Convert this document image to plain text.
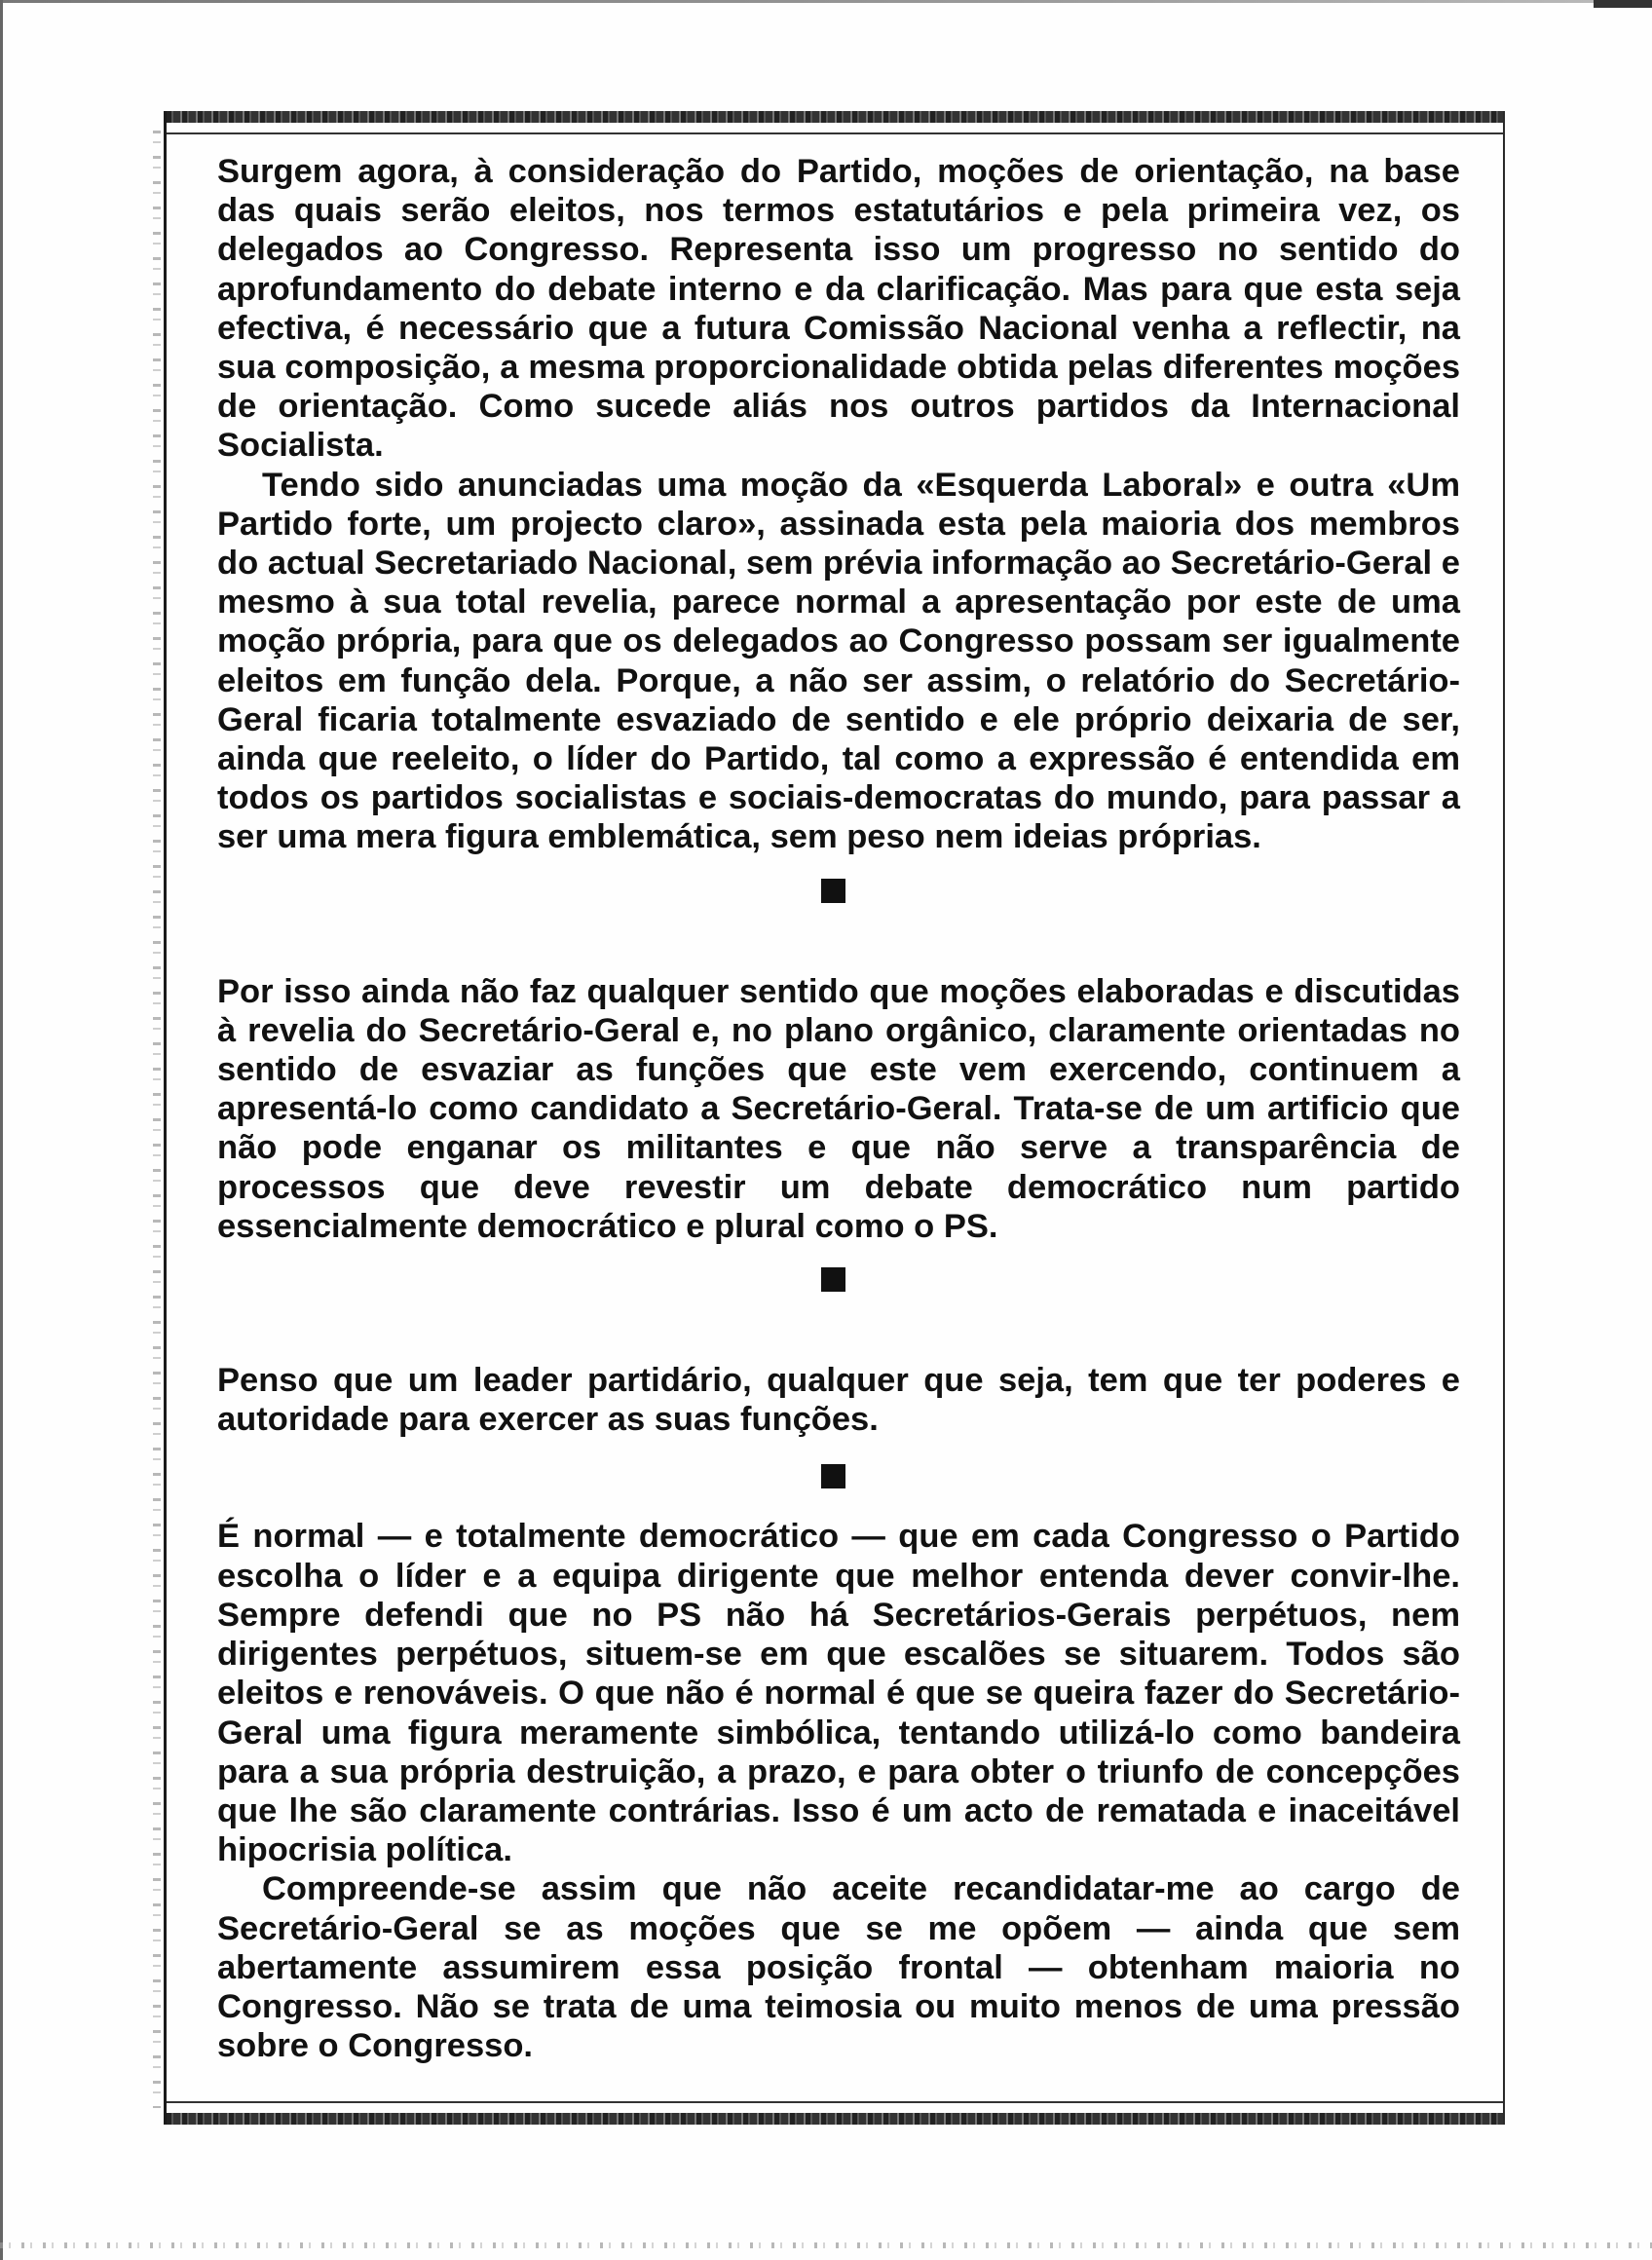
Surgem agora, à consideração do Partido, moções de orientação, na base das quais serão eleitos, nos termos estatutários e pela primeira vez, os delegados ao Congresso. Representa isso um progresso no sentido do aprofundamento do debate interno e da clarificação. Mas para que esta seja efectiva, é necessário que a futura Comissão Nacional venha a reflectir, na sua composição, a mesma proporcionalidade obtida pelas diferentes moções de orientação. Como sucede aliás nos outros partidos da Internacional Socialista.

Tendo sido anunciadas uma moção da «Esquerda Laboral» e outra «Um Partido forte, um projecto claro», assinada esta pela maioria dos membros do actual Secretariado Nacional, sem prévia informação ao Secretário-Geral e mesmo à sua total revelia, parece normal a apresentação por este de uma moção própria, para que os delegados ao Congresso possam ser igualmente eleitos em função dela. Porque, a não ser assim, o relatório do Secretário-Geral ficaria totalmente esvaziado de sentido e ele próprio deixaria de ser, ainda que reeleito, o líder do Partido, tal como a expressão é entendida em todos os partidos socialistas e sociais-democratas do mundo, para passar a ser uma mera figura emblemática, sem peso nem ideias próprias.

Por isso ainda não faz qualquer sentido que moções elaboradas e discutidas à revelia do Secretário-Geral e, no plano orgânico, claramente orientadas no sentido de esvaziar as funções que este vem exercendo, continuem a apresentá-lo como candidato a Secretário-Geral. Trata-se de um artificio que não pode enganar os militantes e que não serve a transparência de processos que deve revestir um debate democrático num partido essencialmente democrático e plural como o PS.

Penso que um leader partidário, qualquer que seja, tem que ter poderes e autoridade para exercer as suas funções.

É normal — e totalmente democrático — que em cada Congresso o Partido escolha o líder e a equipa dirigente que melhor entenda dever convir-lhe. Sempre defendi que no PS não há Secretários-Gerais perpétuos, nem dirigentes perpétuos, situem-se em que escalões se situarem. Todos são eleitos e renováveis. O que não é normal é que se queira fazer do Secretário-Geral uma figura meramente simbólica, tentando utilizá-lo como bandeira para a sua própria destruição, a prazo, e para obter o triunfo de concepções que lhe são claramente contrárias. Isso é um acto de rematada e inaceitável hipocrisia política.

Compreende-se assim que não aceite recandidatar-me ao cargo de Secretário-Geral se as moções que se me opõem — ainda que sem abertamente assumirem essa posição frontal — obtenham maioria no Congresso. Não se trata de uma teimosia ou muito menos de uma pressão sobre o Congresso.
